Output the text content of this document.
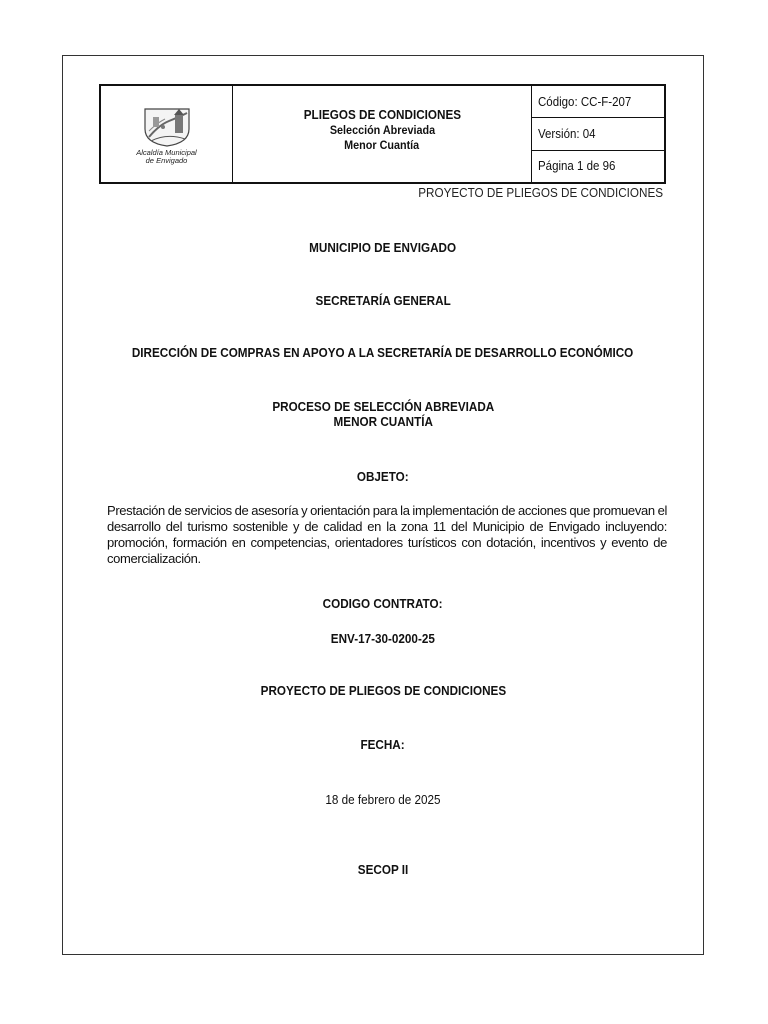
Alcaldía Municipal
de Envigado
PLIEGOS DE CONDICIONES
Selección Abreviada
Menor Cuantía
Código: CC-F-207
Versión: 04
Página 1 de 96
PROYECTO DE PLIEGOS DE CONDICIONES
MUNICIPIO DE ENVIGADO
SECRETARÍA GENERAL
DIRECCIÓN DE COMPRAS EN APOYO A LA SECRETARÍA DE DESARROLLO ECONÓMICO
PROCESO DE SELECCIÓN ABREVIADA
MENOR CUANTÍA
OBJETO:
Prestación de servicios de asesoría y orientación para la implementación de acciones que promuevan el desarrollo del turismo sostenible y de calidad en la zona 11 del Municipio de Envigado incluyendo: promoción, formación en competencias, orientadores turísticos con dotación, incentivos y evento de comercialización.
CODIGO CONTRATO:
ENV-17-30-0200-25
PROYECTO DE PLIEGOS DE CONDICIONES
FECHA:
18 de febrero de 2025
SECOP II
